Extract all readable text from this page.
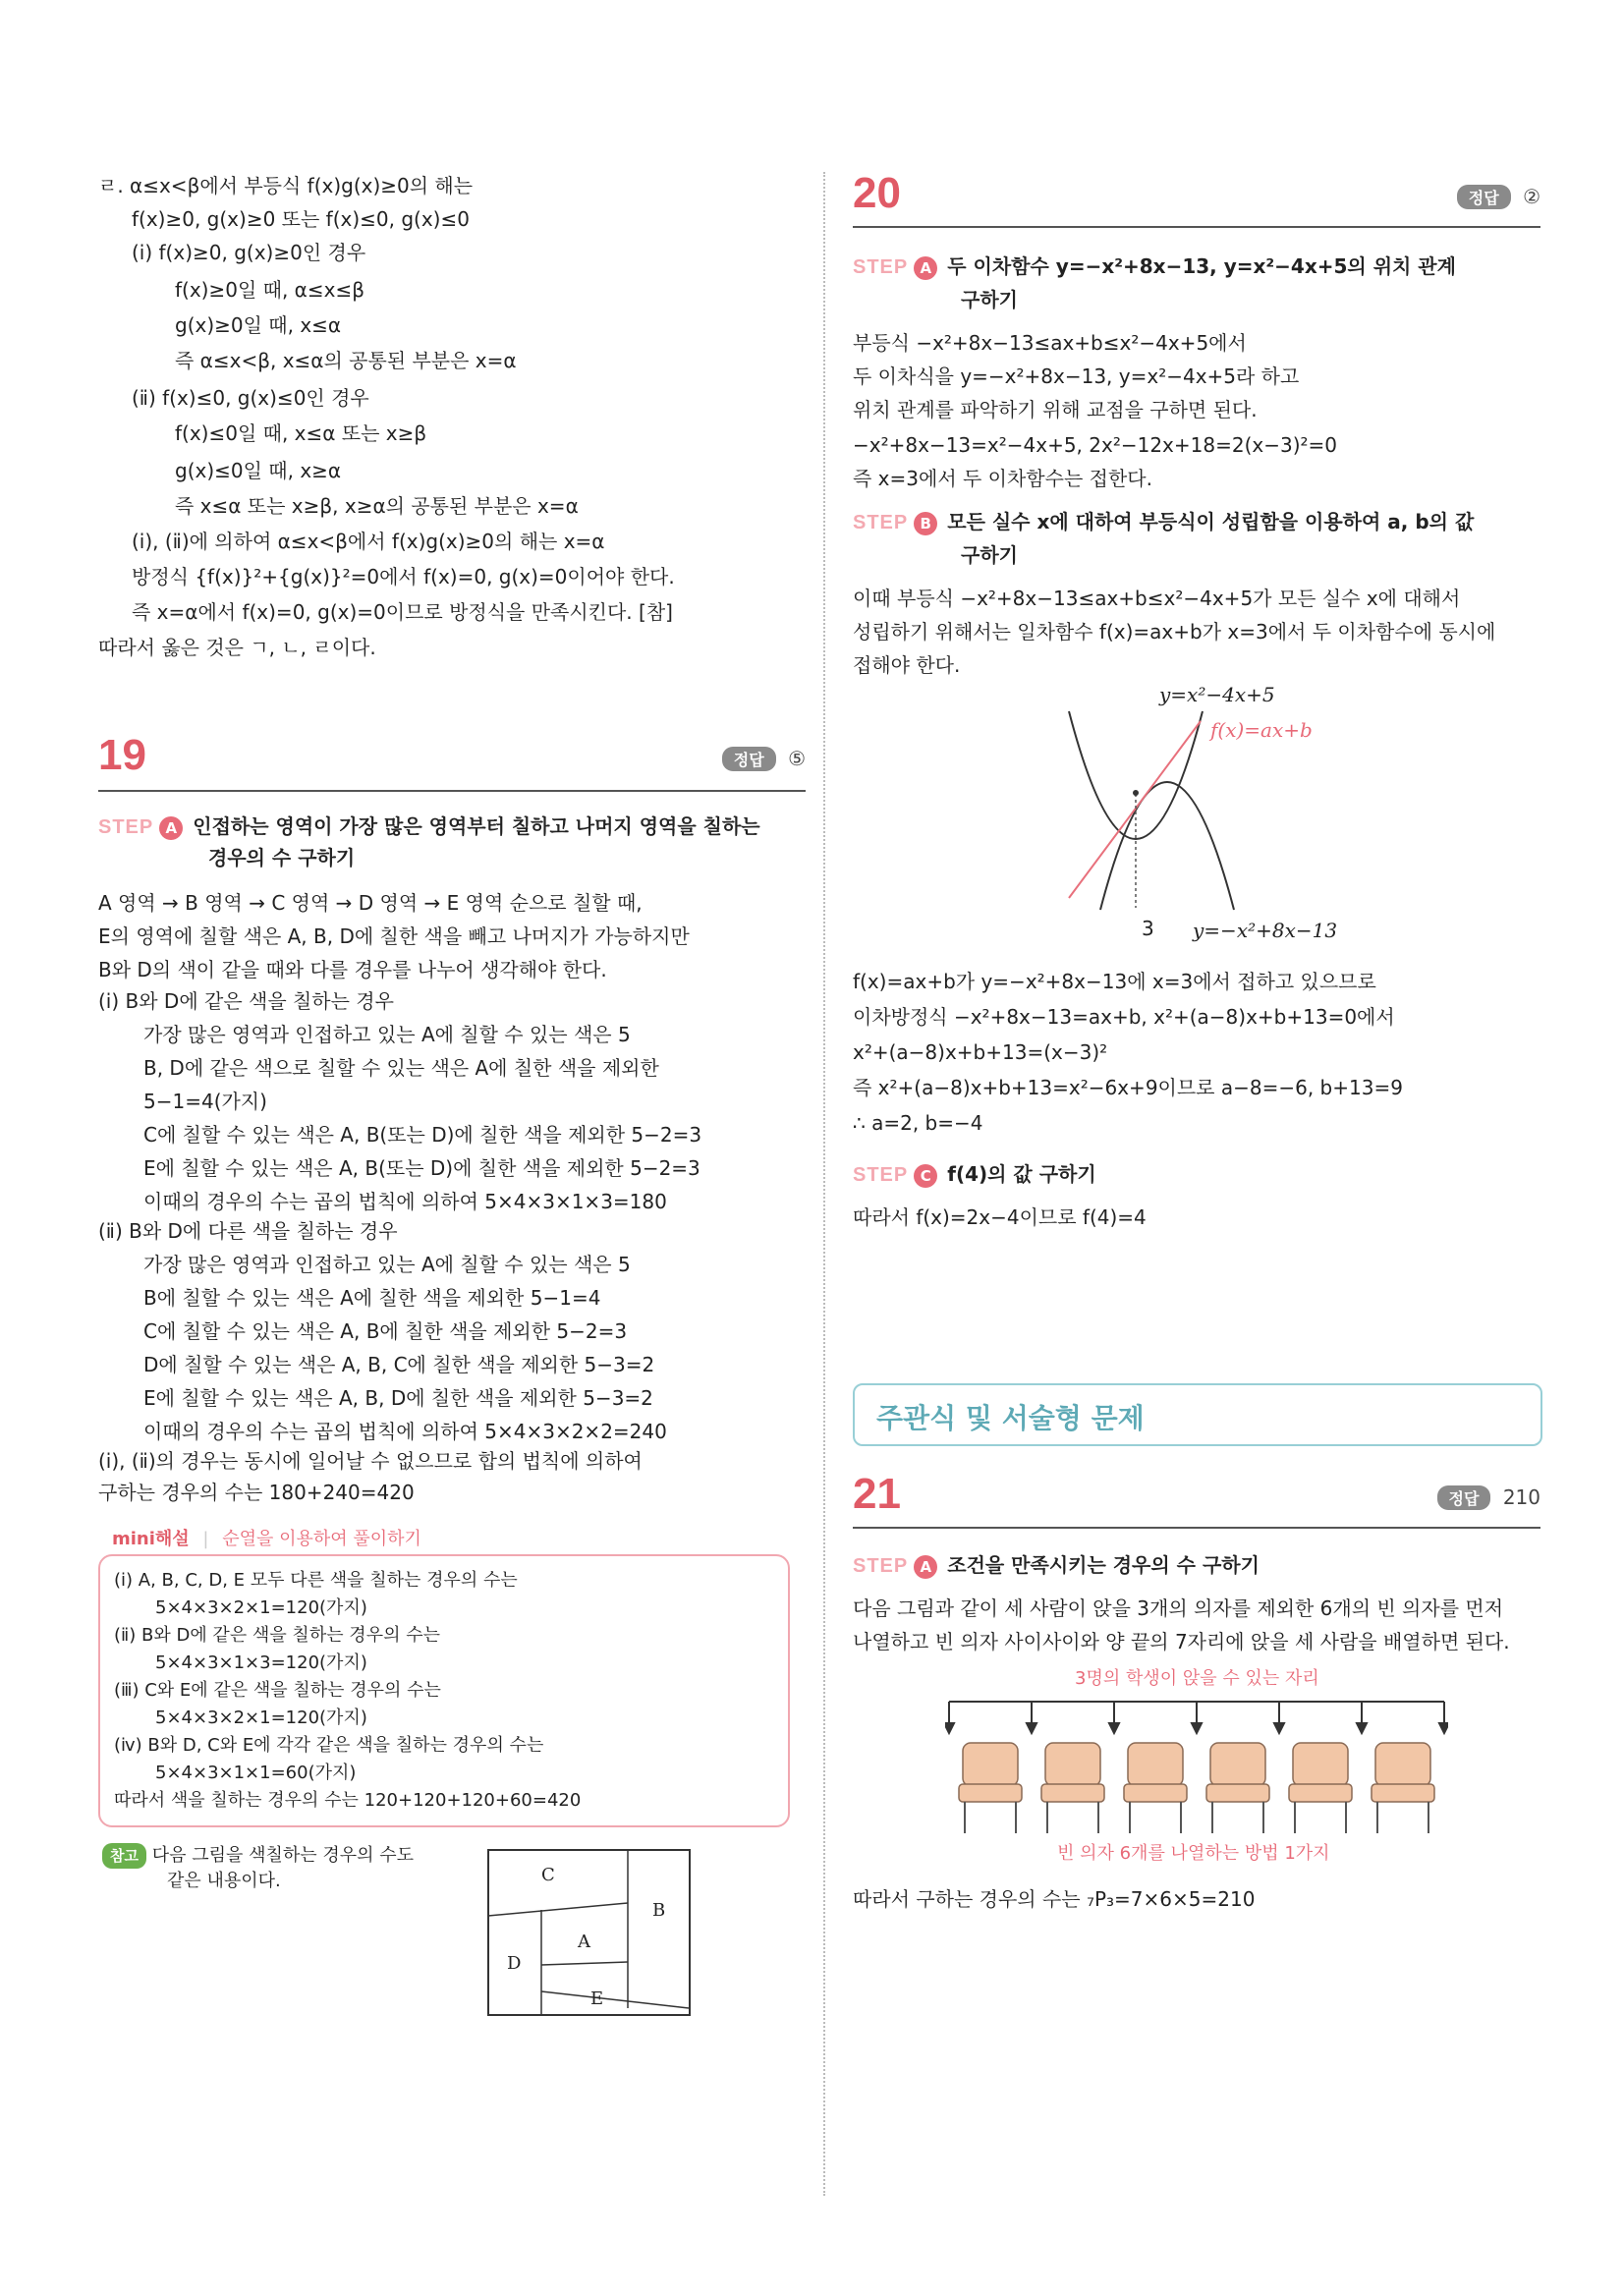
ㄹ. α≤x<β에서 부등식 f(x)g(x)≥0의 해는
f(x)≥0, g(x)≥0 또는 f(x)≤0, g(x)≤0
(ⅰ) f(x)≥0, g(x)≥0인 경우
f(x)≥0일 때, α≤x≤β
g(x)≥0일 때, x≤α
즉 α≤x<β, x≤α의 공통된 부분은 x=α
(ⅱ) f(x)≤0, g(x)≤0인 경우
f(x)≤0일 때, x≤α 또는 x≥β
g(x)≤0일 때, x≥α
즉 x≤α 또는 x≥β, x≥α의 공통된 부분은 x=α
(ⅰ), (ⅱ)에 의하여 α≤x<β에서 f(x)g(x)≥0의 해는 x=α
방정식 {f(x)}²+{g(x)}²=0에서 f(x)=0, g(x)=0이어야 한다.
즉 x=α에서 f(x)=0, g(x)=0이므로 방정식을 만족시킨다. [참]
따라서 옳은 것은 ㄱ, ㄴ, ㄹ이다.
19	정답 ⑤
STEP A 인접하는 영역이 가장 많은 영역부터 칠하고 나머지 영역을 칠하는
경우의 수 구하기
A 영역 → B 영역 → C 영역 → D 영역 → E 영역 순으로 칠할 때,
E의 영역에 칠할 색은 A, B, D에 칠한 색을 빼고 나머지가 가능하지만
B와 D의 색이 같을 때와 다를 경우를 나누어 생각해야 한다.
(ⅰ) B와 D에 같은 색을 칠하는 경우
가장 많은 영역과 인접하고 있는 A에 칠할 수 있는 색은 5
B, D에 같은 색으로 칠할 수 있는 색은 A에 칠한 색을 제외한
5−1=4(가지)
C에 칠할 수 있는 색은 A, B(또는 D)에 칠한 색을 제외한 5−2=3
E에 칠할 수 있는 색은 A, B(또는 D)에 칠한 색을 제외한 5−2=3
이때의 경우의 수는 곱의 법칙에 의하여 5×4×3×1×3=180
(ⅱ) B와 D에 다른 색을 칠하는 경우
가장 많은 영역과 인접하고 있는 A에 칠할 수 있는 색은 5
B에 칠할 수 있는 색은 A에 칠한 색을 제외한 5−1=4
C에 칠할 수 있는 색은 A, B에 칠한 색을 제외한 5−2=3
D에 칠할 수 있는 색은 A, B, C에 칠한 색을 제외한 5−3=2
E에 칠할 수 있는 색은 A, B, D에 칠한 색을 제외한 5−3=2
이때의 경우의 수는 곱의 법칙에 의하여 5×4×3×2×2=240
(ⅰ), (ⅱ)의 경우는 동시에 일어날 수 없으므로 합의 법칙에 의하여
구하는 경우의 수는 180+240=420
mini해설 | 순열을 이용하여 풀이하기
(ⅰ) A, B, C, D, E 모두 다른 색을 칠하는 경우의 수는
5×4×3×2×1=120(가지)
(ⅱ) B와 D에 같은 색을 칠하는 경우의 수는
5×4×3×1×3=120(가지)
(ⅲ) C와 E에 같은 색을 칠하는 경우의 수는
5×4×3×2×1=120(가지)
(ⅳ) B와 D, C와 E에 각각 같은 색을 칠하는 경우의 수는
5×4×3×1×1=60(가지)
따라서 색을 칠하는 경우의 수는 120+120+120+60=420
참고 다음 그림을 색칠하는 경우의 수도
같은 내용이다.	C
B
A
D
E
20	정답 ②
STEP A 두 이차함수 y=−x²+8x−13, y=x²−4x+5의 위치 관계
구하기
부등식 −x²+8x−13≤ax+b≤x²−4x+5에서
두 이차식을 y=−x²+8x−13, y=x²−4x+5라 하고
위치 관계를 파악하기 위해 교점을 구하면 된다.
−x²+8x−13=x²−4x+5, 2x²−12x+18=2(x−3)²=0
즉 x=3에서 두 이차함수는 접한다.
STEP B 모든 실수 x에 대하여 부등식이 성립함을 이용하여 a, b의 값
구하기
이때 부등식 −x²+8x−13≤ax+b≤x²−4x+5가 모든 실수 x에 대해서
성립하기 위해서는 일차함수 f(x)=ax+b가 x=3에서 두 이차함수에 동시에
접해야 한다.
y=x²−4x+5
f(x)=ax+b
3 y=−x²+8x−13
f(x)=ax+b가 y=−x²+8x−13에 x=3에서 접하고 있으므로
이차방정식 −x²+8x−13=ax+b, x²+(a−8)x+b+13=0에서
x²+(a−8)x+b+13=(x−3)²
즉 x²+(a−8)x+b+13=x²−6x+9이므로 a−8=−6, b+13=9
∴ a=2, b=−4
STEP C f(4)의 값 구하기
따라서 f(x)=2x−4이므로 f(4)=4
주관식 및 서술형 문제
21	정답 210
STEP A 조건을 만족시키는 경우의 수 구하기
다음 그림과 같이 세 사람이 앉을 3개의 의자를 제외한 6개의 빈 의자를 먼저
나열하고 빈 의자 사이사이와 양 끝의 7자리에 앉을 세 사람을 배열하면 된다.
3명의 학생이 앉을 수 있는 자리
빈 의자 6개를 나열하는 방법 1가지
따라서 구하는 경우의 수는 ₇P₃=7×6×5=210
